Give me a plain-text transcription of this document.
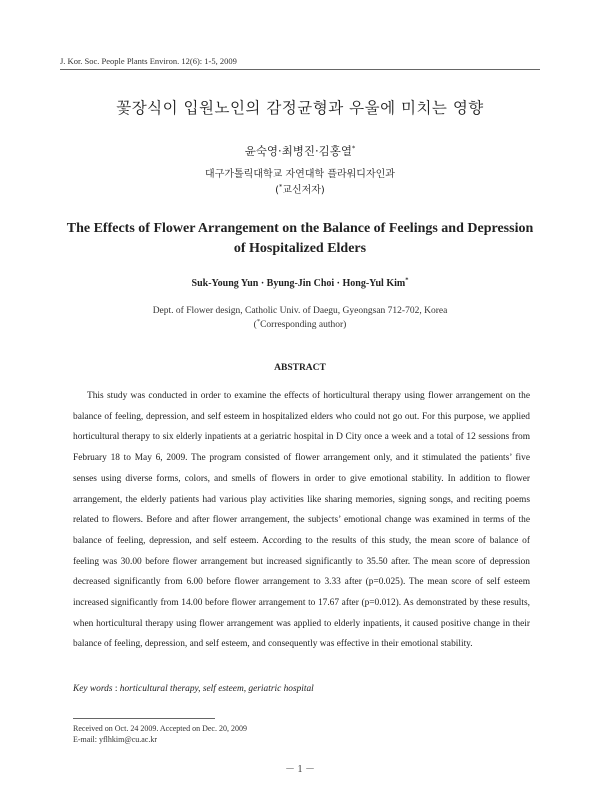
J. Kor. Soc. People Plants Environ. 12(6): 1-5, 2009
꽃장식이 입원노인의 감정균형과 우울에 미치는 영향
윤숙영·최병진·김홍열*
대구가톨릭대학교 자연대학 플라워디자인과
(*교신저자)
The Effects of Flower Arrangement on the Balance of Feelings and Depression of Hospitalized Elders
Suk-Young Yun · Byung-Jin Choi · Hong-Yul Kim*
Dept. of Flower design, Catholic Univ. of Daegu, Gyeongsan 712-702, Korea
(*Corresponding author)
ABSTRACT

This study was conducted in order to examine the effects of horticultural therapy using flower arrangement on the balance of feeling, depression, and self esteem in hospitalized elders who could not go out. For this purpose, we applied horticultural therapy to six elderly inpatients at a geriatric hospital in D City once a week and a total of 12 sessions from February 18 to May 6, 2009. The program consisted of flower arrangement only, and it stimulated the patients’ five senses using diverse forms, colors, and smells of flowers in order to give emotional stability. In addition to flower arrangement, the elderly patients had various play activities like sharing memories, signing songs, and reciting poems related to flowers. Before and after flower arrangement, the subjects’ emotional change was examined in terms of the balance of feeling, depression, and self esteem. According to the results of this study, the mean score of balance of feeling was 30.00 before flower arrangement but increased significantly to 35.50 after. The mean score of depression decreased significantly from 6.00 before flower arrangement to 3.33 after (p=0.025). The mean score of self esteem increased significantly from 14.00 before flower arrangement to 17.67 after (p=0.012). As demonstrated by these results, when horticultural therapy using flower arrangement was applied to elderly inpatients, it caused positive change in their balance of feeling, depression, and self esteem, and consequently was effective in their emotional stability.

Key words : horticultural therapy, self esteem, geriatric hospital
Received on Oct. 24 2009. Accepted on Dec. 20, 2009
E-mail: yflhkim@cu.ac.kr
－ 1 －
